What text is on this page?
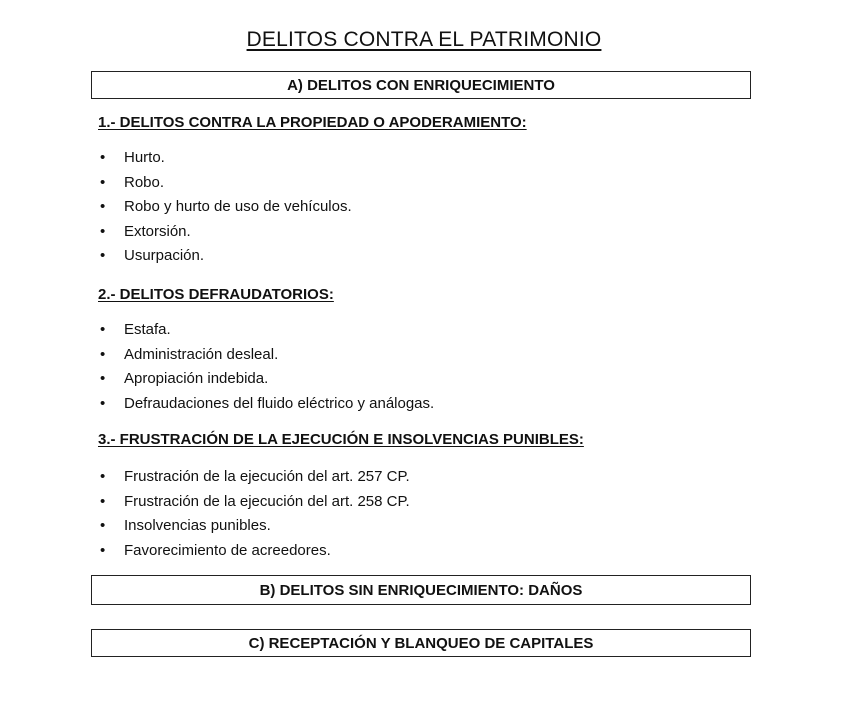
DELITOS CONTRA EL PATRIMONIO
A) DELITOS CON ENRIQUECIMIENTO
1.- DELITOS CONTRA LA PROPIEDAD O APODERAMIENTO:
• Hurto.
• Robo.
• Robo y hurto de uso de vehículos.
• Extorsión.
• Usurpación.
2.- DELITOS DEFRAUDATORIOS:
• Estafa.
• Administración desleal.
• Apropiación indebida.
• Defraudaciones del fluido eléctrico y análogas.
3.- FRUSTRACIÓN DE LA EJECUCIÓN E INSOLVENCIAS PUNIBLES:
• Frustración de la ejecución del art. 257 CP.
• Frustración de la ejecución del art. 258 CP.
• Insolvencias punibles.
• Favorecimiento de acreedores.
B) DELITOS SIN ENRIQUECIMIENTO: DAÑOS
C) RECEPTACIÓN Y BLANQUEO DE CAPITALES
